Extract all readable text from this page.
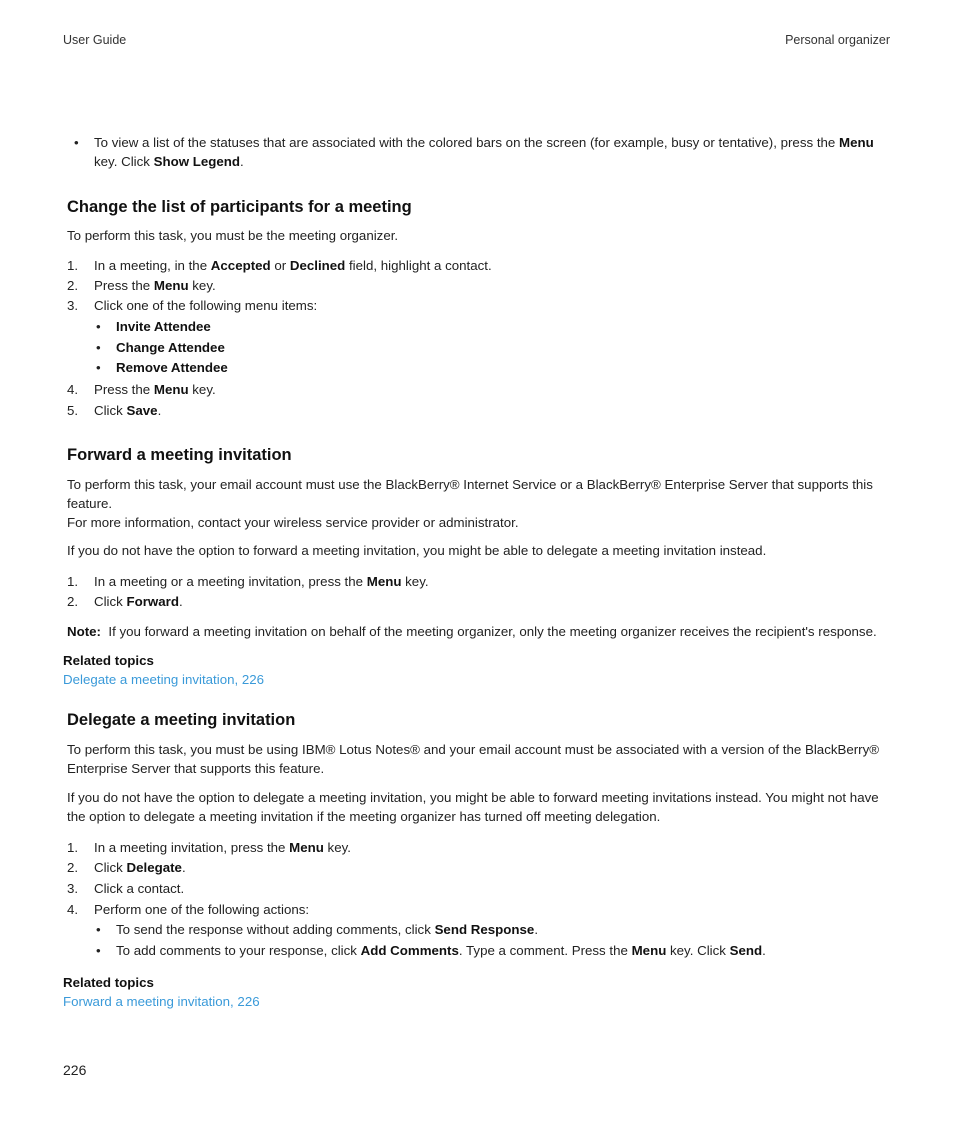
User Guide	Personal organizer
• To view a list of the statuses that are associated with the colored bars on the screen (for example, busy or tentative), press the Menu
key. Click Show Legend.
Change the list of participants for a meeting

To perform this task, you must be the meeting organizer.

1. In a meeting, in the Accepted or Declined field, highlight a contact.
2. Press the Menu key.
3. Click one of the following menu items:
• Invite Attendee
• Change Attendee
• Remove Attendee
4. Press the Menu key.
5. Click Save.
Forward a meeting invitation

To perform this task, your email account must use the BlackBerry® Internet Service or a BlackBerry® Enterprise Server that supports this feature.
For more information, contact your wireless service provider or administrator.

If you do not have the option to forward a meeting invitation, you might be able to delegate a meeting invitation instead.

1. In a meeting or a meeting invitation, press the Menu key.
2. Click Forward.

Note: If you forward a meeting invitation on behalf of the meeting organizer, only the meeting organizer receives the recipient's response.

Related topics
Delegate a meeting invitation, 226
Delegate a meeting invitation

To perform this task, you must be using IBM® Lotus Notes® and your email account must be associated with a version of the BlackBerry®
Enterprise Server that supports this feature.

If you do not have the option to delegate a meeting invitation, you might be able to forward meeting invitations instead. You might not have
the option to delegate a meeting invitation if the meeting organizer has turned off meeting delegation.

1. In a meeting invitation, press the Menu key.
2. Click Delegate.
3. Click a contact.
4. Perform one of the following actions:
• To send the response without adding comments, click Send Response.
• To add comments to your response, click Add Comments. Type a comment. Press the Menu key. Click Send.
Related topics
Forward a meeting invitation, 226
226
